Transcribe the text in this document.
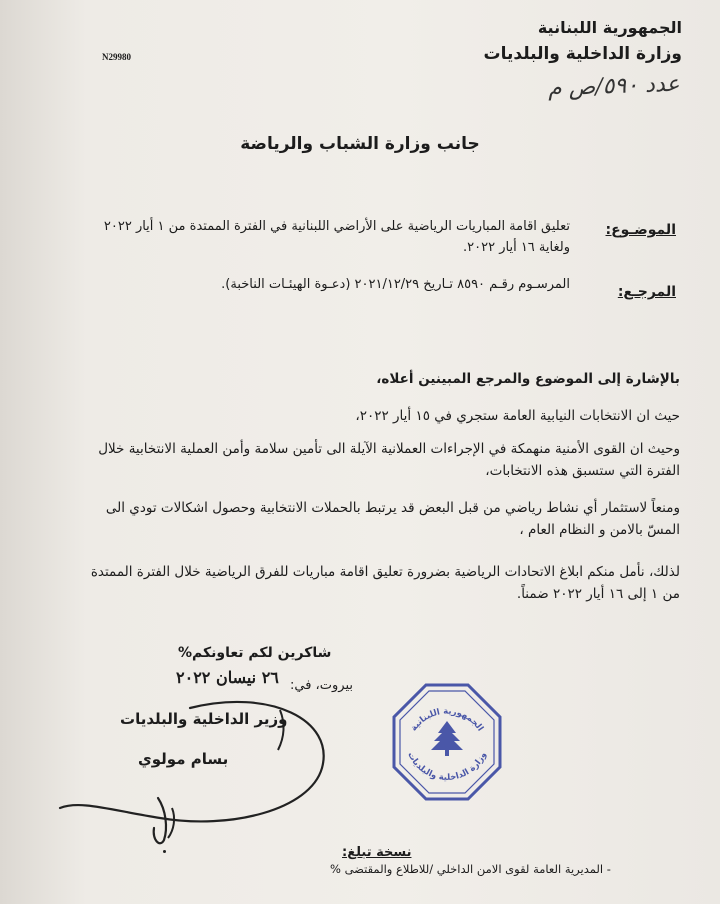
الجمهورية اللبنانية
وزارة الداخلية والبلديات
عدد ٥٩٠/ص م
N29980
جانب وزارة الشباب والرياضة
الموضـوع:
تعليق اقامة المباريات الرياضية على الأراضي اللبنانية في الفترة الممتدة من ١ أيار ٢٠٢٢ ولغاية ١٦ أيار ٢٠٢٢.
المرجـع:
المرسـوم رقـم ٨٥٩٠ تـاريخ ٢٠٢١/١٢/٢٩ (دعـوة الهيئـات الناخبة).
بالإشارة إلى الموضوع والمرجع المبينين أعلاه،
حيث ان الانتخابات النيابية العامة ستجري في ١٥ أيار ٢٠٢٢،
وحيث ان القوى الأمنية منهمكة في الإجراءات العملانية الآيلة الى تأمين سلامة وأمن العملية الانتخابية خلال الفترة التي ستسبق هذه الانتخابات،
ومنعاً لاستثمار أي نشاط رياضي من قبل البعض قد يرتبط بالحملات الانتخابية وحصول اشكالات تودي الى المسّ بالامن و النظام العام ،
لذلك، نأمل منكم ابلاغ الاتحادات الرياضية بضرورة تعليق اقامة مباريات للفرق الرياضية خلال الفترة الممتدة من ١ إلى ١٦ أيار ٢٠٢٢ ضمناً.
شاكرين لكم تعاونكم%
٢٦ نيسان ٢٠٢٢ بيروت، في:
الجمهورية اللبنانية
وزارة الداخلية والبلديات
وزير الداخلية والبلديات
بسام مولوي
نسخة تبلغ:
- المديرية العامة لقوى الامن الداخلي /للاطلاع والمقتضى %
